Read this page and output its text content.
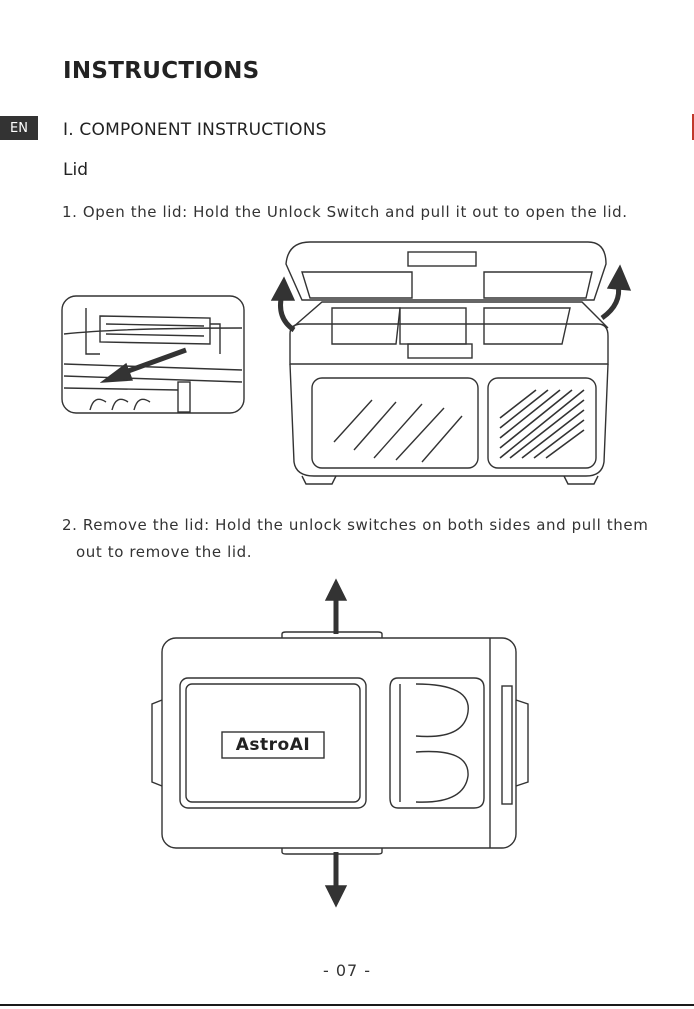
INSTRUCTIONS
EN	Ⅰ. COMPONENT INSTRUCTIONS
Lid
1. Open the lid: Hold the Unlock Switch and pull it out to open the lid.
2. Remove the lid: Hold the unlock switches on both sides and pull them
out to remove the lid.
AstroAI
- 07 -
